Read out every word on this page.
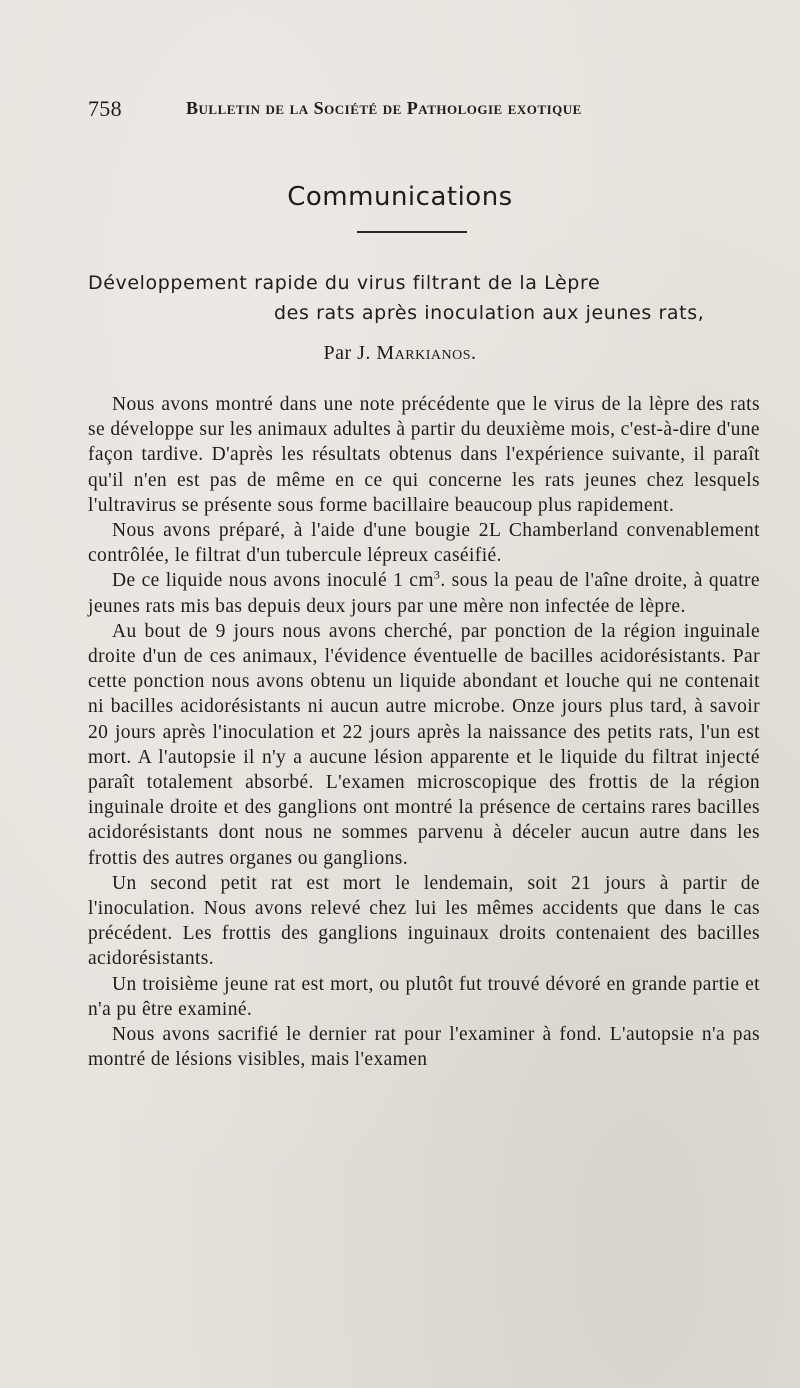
758	Bulletin de la Société de Pathologie exotique
Communications
Développement rapide du virus filtrant de la Lèpre
des rats après inoculation aux jeunes rats,
Par J. Markianos.

Nous avons montré dans une note précédente que le virus de la lèpre des rats se développe sur les animaux adultes à partir du deuxième mois, c'est-à-dire d'une façon tardive. D'après les résultats obtenus dans l'expérience suivante, il paraît qu'il n'en est pas de même en ce qui concerne les rats jeunes chez lesquels l'ultravirus se présente sous forme bacillaire beaucoup plus rapidement.

Nous avons préparé, à l'aide d'une bougie 2L Chamberland convenablement contrôlée, le filtrat d'un tubercule lépreux caséifié.

De ce liquide nous avons inoculé 1 $cm^3$. sous la peau de l'aîne droite, à quatre jeunes rats mis bas depuis deux jours par une mère non infectée de lèpre.

Au bout de 9 jours nous avons cherché, par ponction de la région inguinale droite d'un de ces animaux, l'évidence éventuelle de bacilles acidorésistants. Par cette ponction nous avons obtenu un liquide abondant et louche qui ne contenait ni bacilles acidorésistants ni aucun autre microbe. Onze jours plus tard, à savoir 20 jours après l'inoculation et 22 jours après la naissance des petits rats, l'un est mort. A l'autopsie il n'y a aucune lésion apparente et le liquide du filtrat injecté paraît totalement absorbé. L'examen microscopique des frottis de la région inguinale droite et des ganglions ont montré la présence de certains rares bacilles acidorésistants dont nous ne sommes parvenu à déceler aucun autre dans les frottis des autres organes ou ganglions.

Un second petit rat est mort le lendemain, soit 21 jours à partir de l'inoculation. Nous avons relevé chez lui les mêmes accidents que dans le cas précédent. Les frottis des ganglions inguinaux droits contenaient des bacilles acidorésistants.

Un troisième jeune rat est mort, ou plutôt fut trouvé dévoré en grande partie et n'a pu être examiné.

Nous avons sacrifié le dernier rat pour l'examiner à fond. L'autopsie n'a pas montré de lésions visibles, mais l'examen
